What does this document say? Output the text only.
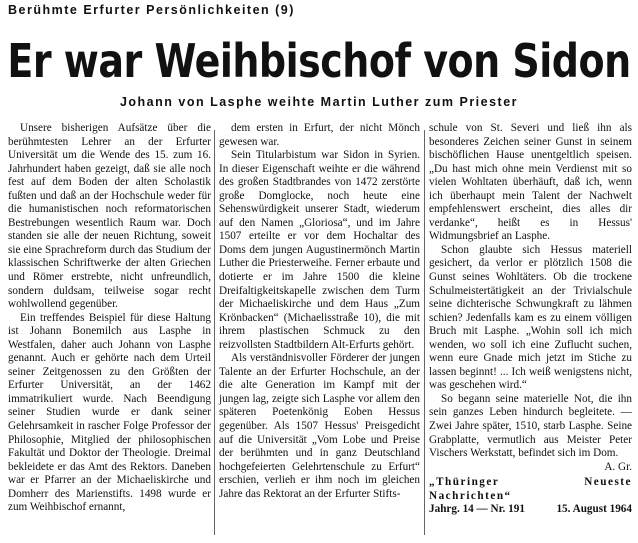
Berühmte Erfurter Persönlichkeiten (9)
Er war Weihbischof von Sidon
Johann von Lasphe weihte Martin Luther zum Priester

Unsere bisherigen Aufsätze über die berühmtesten Lehrer an der Erfurter Universität um die Wende des 15. zum 16. Jahrhundert haben gezeigt, daß sie alle noch fest auf dem Boden der alten Scholastik fußten und daß an der Hochschule weder für die humanistischen noch reformatorischen Bestrebungen wesentlich Raum war. Doch standen sie alle der neuen Richtung, soweit sie eine Sprachreform durch das Studium der klassischen Schriftwerke der alten Griechen und Römer erstrebte, nicht unfreundlich, sondern duldsam, teilweise sogar recht wohlwollend gegenüber.

Ein treffendes Beispiel für diese Haltung ist Johann Bonemilch aus Lasphe in Westfalen, daher auch Johann von Lasphe genannt. Auch er gehörte nach dem Urteil seiner Zeitgenossen zu den Größten der Erfurter Universität, an der 1462 immatrikuliert wurde. Nach Beendigung seiner Studien wurde er dank seiner Gelehrsamkeit in rascher Folge Professor der Philosophie, Mitglied der philosophischen Fakultät und Doktor der Theologie. Dreimal bekleidete er das Amt des Rektors. Daneben war er Pfarrer an der Michaeliskirche und Domherr des Marienstifts. 1498 wurde er zum Weihbischof ernannt,

dem ersten in Erfurt, der nicht Mönch gewesen war.

Sein Titularbistum war Sidon in Syrien. In dieser Eigenschaft weihte er die während des großen Stadtbrandes von 1472 zerstörte große Domglocke, noch heute eine Sehenswürdigkeit unserer Stadt, wiederum auf den Namen „Gloriosa“, und im Jahre 1507 erteilte er vor dem Hochaltar des Doms dem jungen Augustinermönch Martin Luther die Priesterweihe. Ferner erbaute und dotierte er im Jahre 1500 die kleine Dreifaltigkeitskapelle zwischen dem Turm der Michaeliskirche und dem Haus „Zum Krönbacken“ (Michaelisstraße 10), die mit ihrem plastischen Schmuck zu den reizvollsten Stadtbildern Alt-Erfurts gehört.

Als verständnisvoller Förderer der jungen Talente an der Erfurter Hochschule, an der die alte Generation im Kampf mit der jungen lag, zeigte sich Lasphe vor allem den späteren Poetenkönig Eoben Hessus gegenüber. Als 1507 Hessus' Preisgedicht auf die Universität „Vom Lobe und Preise der berühmten und in ganz Deutschland hochgefeierten Gelehrtenschule zu Erfurt“ erschien, verlieh er ihm noch im gleichen Jahre das Rektorat an der Erfurter Stifts-

schule von St. Severi und ließ ihn als besonderes Zeichen seiner Gunst in seinem bischöflichen Hause unentgeltlich speisen. „Du hast mich ohne mein Verdienst mit so vielen Wohltaten überhäuft, daß ich, wenn ich überhaupt mein Talent der Nachwelt empfehlenswert erscheint, dies alles dir verdanke“, heißt es in Hessus' Widmungsbrief an Lasphe.

Schon glaubte sich Hessus materiell gesichert, da verlor er plötzlich 1508 die Gunst seines Wohltäters. Ob die trockene Schulmeistertätigkeit an der Trivialschule seine dichterische Schwungkraft zu lähmen schien? Jedenfalls kam es zu einem völligen Bruch mit Lasphe. „Wohin soll ich mich wenden, wo soll ich eine Zuflucht suchen, wenn eure Gnade mich jetzt im Stiche zu lassen beginnt! ... Ich weiß wenigstens nicht, was geschehen wird.“

So begann seine materielle Not, die ihn sein ganzes Leben hindurch begleitete. — Zwei Jahre später, 1510, starb Lasphe. Seine Grabplatte, vermutlich aus Meister Peter Vischers Werkstatt, befindet sich im Dom.

A. Gr.
„Thüringer Neueste Nachrichten“
Jahrg. 14 — Nr. 191	15. August 1964
